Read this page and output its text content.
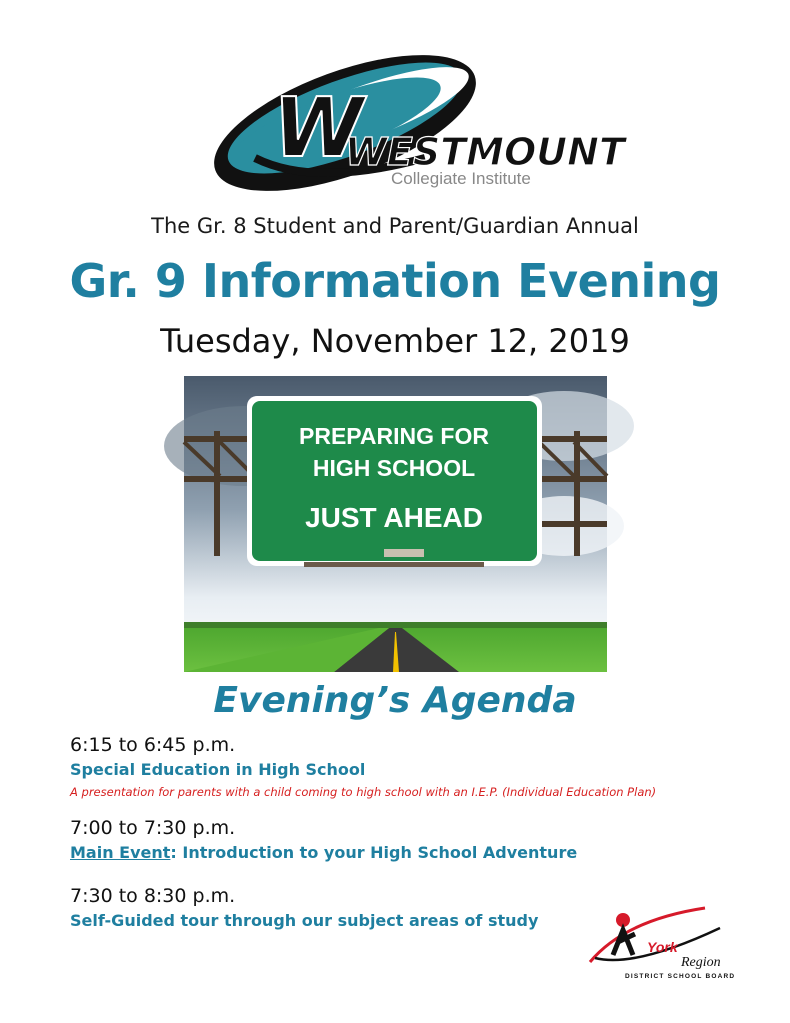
W
WESTMOUNT
Collegiate Institute
The Gr. 8 Student and Parent/Guardian Annual
Gr. 9 Information Evening
Tuesday, November 12, 2019
PREPARING FOR
HIGH SCHOOL
JUST AHEAD
Evening’s Agenda
6:15 to 6:45 p.m.
Special Education in High School
A presentation for parents with a child coming to high school with an I.E.P. (Individual Education Plan)
7:00 to 7:30 p.m.
Main Event: Introduction to your High School Adventure
7:30 to 8:30 p.m.
Self-Guided tour through our subject areas of study
York
Region
DISTRICT SCHOOL BOARD
